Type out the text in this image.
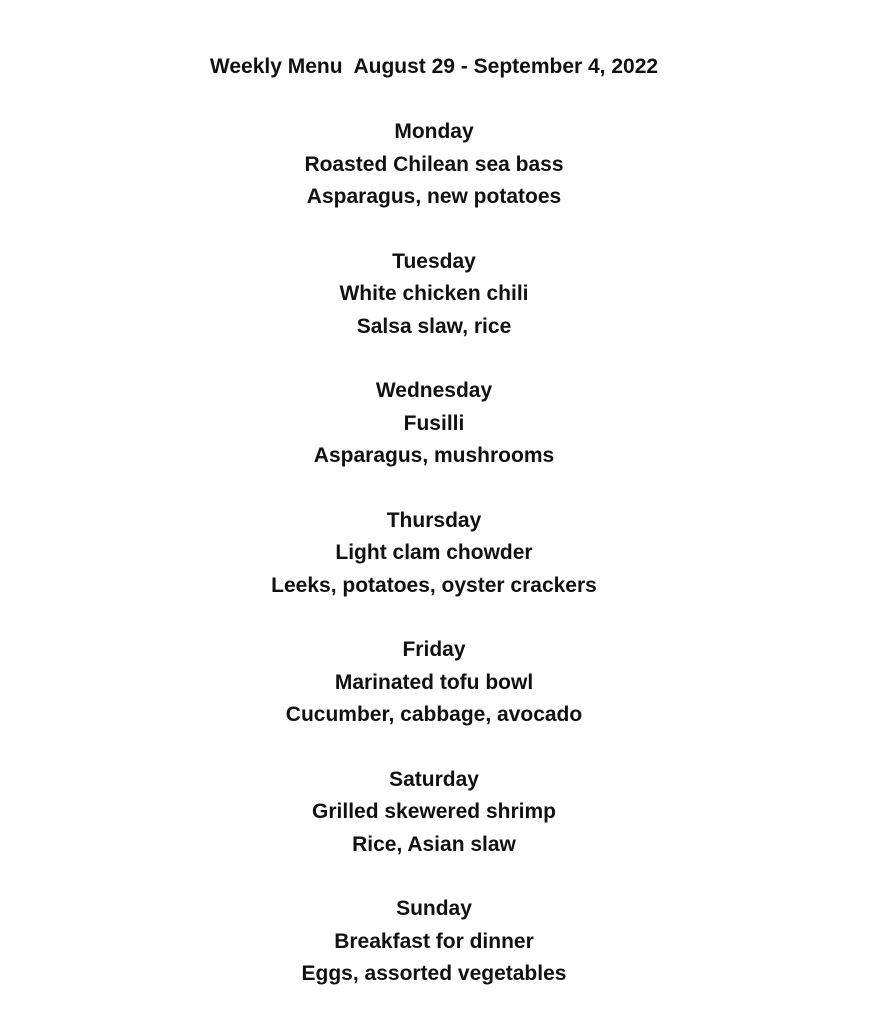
Weekly Menu  August 29 - September 4, 2022
Monday
Roasted Chilean sea bass
Asparagus, new potatoes
Tuesday
White chicken chili
Salsa slaw, rice
Wednesday
Fusilli
Asparagus, mushrooms
Thursday
Light clam chowder
Leeks, potatoes, oyster crackers
Friday
Marinated tofu bowl
Cucumber, cabbage, avocado
Saturday
Grilled skewered shrimp
Rice, Asian slaw
Sunday
Breakfast for dinner
Eggs, assorted vegetables
